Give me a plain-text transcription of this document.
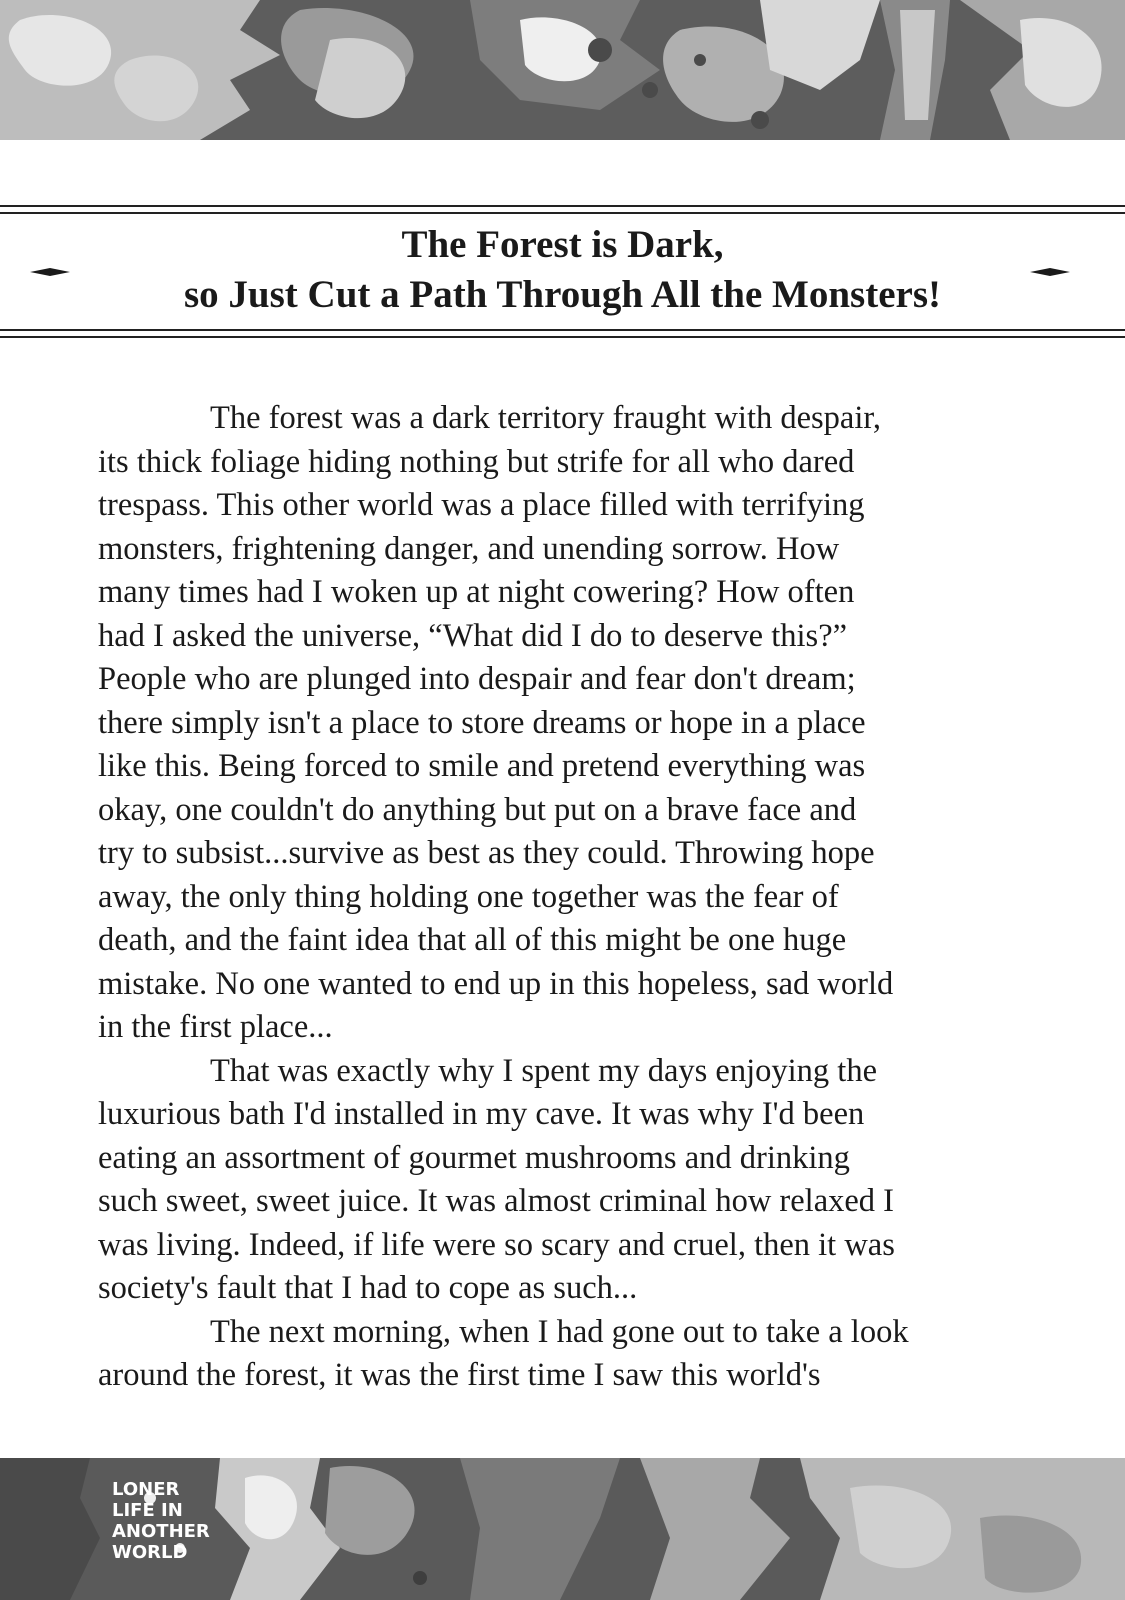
The Forest is Dark,
so Just Cut a Path Through All the Monsters!
The forest was a dark territory fraught with despair,
its thick foliage hiding nothing but strife for all who dared
trespass. This other world was a place filled with terrifying
monsters, frightening danger, and unending sorrow. How
many times had I woken up at night cowering? How often
had I asked the universe, “What did I do to deserve this?”
People who are plunged into despair and fear don't dream;
there simply isn't a place to store dreams or hope in a place
like this. Being forced to smile and pretend everything was
okay, one couldn't do anything but put on a brave face and
try to subsist...survive as best as they could. Throwing hope
away, the only thing holding one together was the fear of
death, and the faint idea that all of this might be one huge
mistake. No one wanted to end up in this hopeless, sad world
in the first place...
That was exactly why I spent my days enjoying the
luxurious bath I'd installed in my cave. It was why I'd been
eating an assortment of gourmet mushrooms and drinking
such sweet, sweet juice. It was almost criminal how relaxed I
was living. Indeed, if life were so scary and cruel, then it was
society's fault that I had to cope as such...
The next morning, when I had gone out to take a look
around the forest, it was the first time I saw this world's
LONER
LIFE IN
ANOTHER
WORLD
